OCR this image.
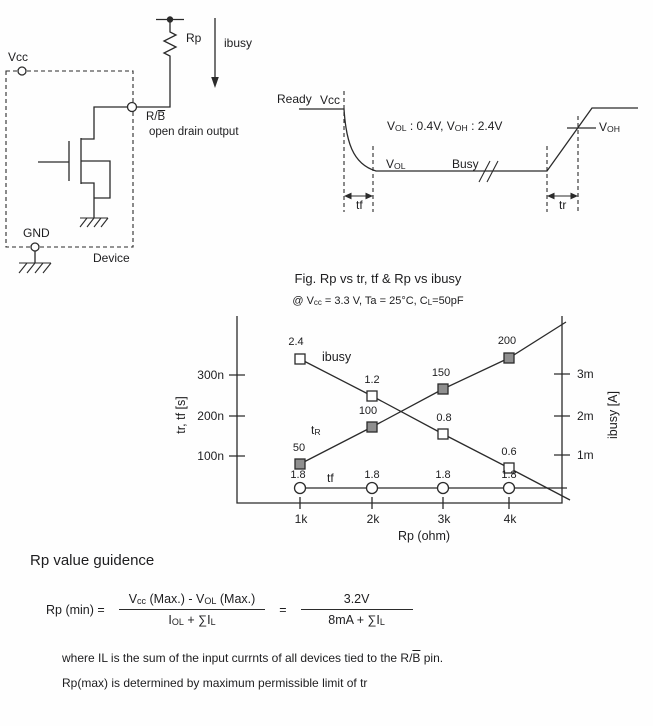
Vcc
Rp ibusy
$R/\overline{B}$
open drain output
GND
Device
Ready Vcc
$V_{OL}$ : 0.4V, $V_{OH}$ : 2.4V
$V_{OL}$	Busy
$V_{OH}$
tf	tr
Fig. Rp vs tr, tf & Rp vs ibusy
@ $V_{cc} = 3.3$ V, Ta = 25°C, $C_L=50pF$
tr, tf [s]	ibusy [A]
300n
200n
100n
3m
2m
1m
1k	2k	3k	4k
Rp (ohm)
ibusy
$t_R$
tf
2.4
1.2
0.8
0.6
50
100
150
200
1.8	1.8	1.8	1.8
Rp value guidence
Rp $(\min) = \frac{V_{cc} (Max.) - V_{OL} (Max.)}{I_{OL} + \sum I_L} = \frac{3.2V}{8mA + \sum I_L}$
where IL is the sum of the input currnts of all devices tied to the $R/\overline{B}$ pin.
Rp(max) is determined by maximum permissible limit of tr
